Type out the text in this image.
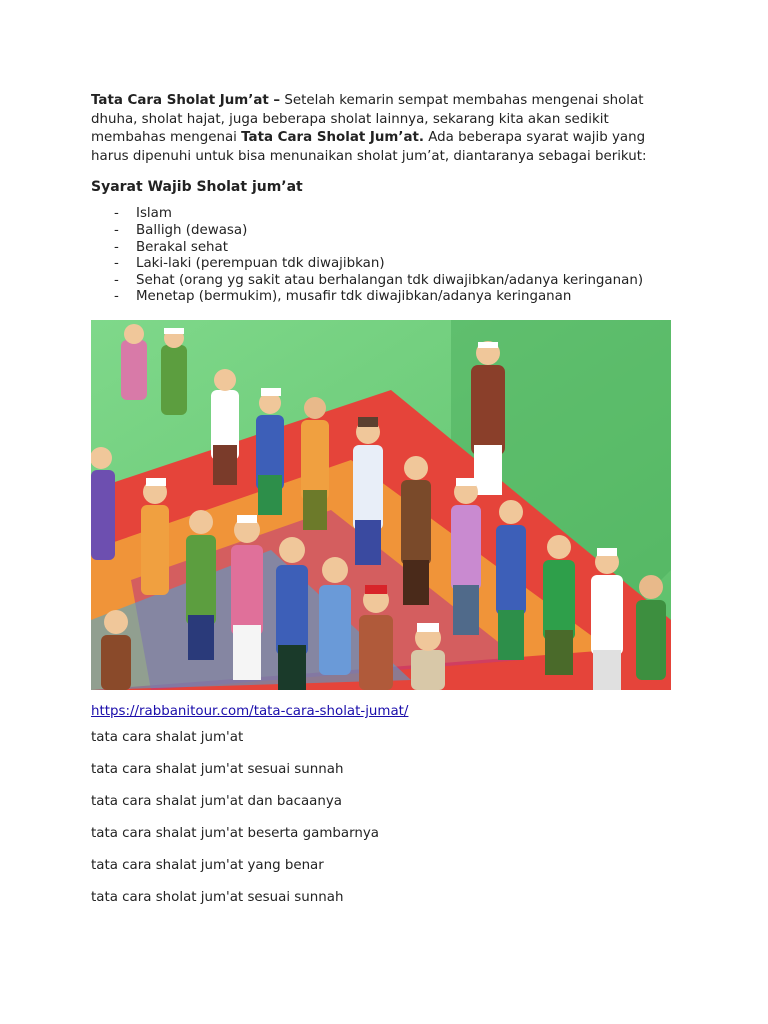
Tata Cara Sholat Jum’at – Setelah kemarin sempat membahas mengenai sholat dhuha, sholat hajat, juga beberapa sholat lainnya, sekarang kita akan sedikit membahas mengenai Tata Cara Sholat Jum’at. Ada beberapa syarat wajib yang harus dipenuhi untuk bisa menunaikan sholat jum’at, diantaranya sebagai berikut:

Syarat Wajib Sholat jum’at
-	Islam
-	Balligh (dewasa)
-	Berakal sehat
-	Laki-laki (perempuan tdk diwajibkan)
-	Sehat (orang yg sakit atau berhalangan tdk diwajibkan/adanya keringanan)
-	Menetap (bermukim), musafir tdk diwajibkan/adanya keringanan
https://rabbanitour.com/tata-cara-sholat-jumat/
tata cara shalat jum'at
tata cara shalat jum'at sesuai sunnah
tata cara shalat jum'at dan bacaanya
tata cara shalat jum'at beserta gambarnya
tata cara shalat jum'at yang benar
tata cara sholat jum'at sesuai sunnah
